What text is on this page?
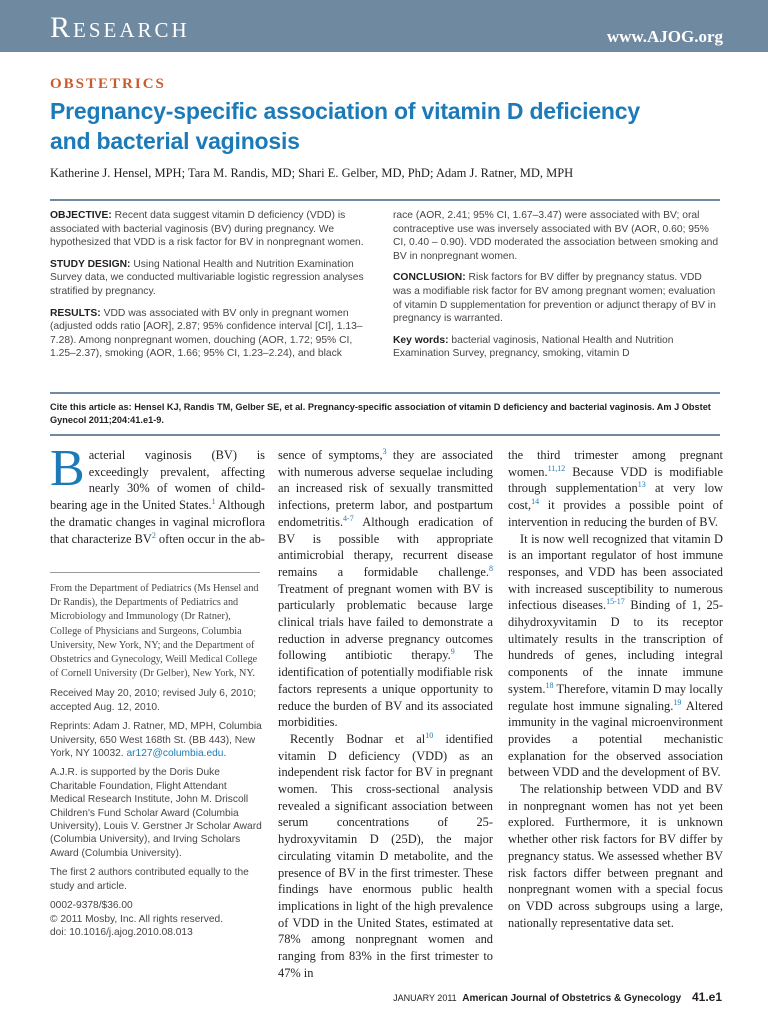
Research	www.AJOG.org
OBSTETRICS
Pregnancy-specific association of vitamin D deficiency and bacterial vaginosis
Katherine J. Hensel, MPH; Tara M. Randis, MD; Shari E. Gelber, MD, PhD; Adam J. Ratner, MD, MPH

OBJECTIVE: Recent data suggest vitamin D deficiency (VDD) is associated with bacterial vaginosis (BV) during pregnancy. We hypothesized that VDD is a risk factor for BV in nonpregnant women.

STUDY DESIGN: Using National Health and Nutrition Examination Survey data, we conducted multivariable logistic regression analyses stratified by pregnancy.

RESULTS: VDD was associated with BV only in pregnant women (adjusted odds ratio [AOR], 2.87; 95% confidence interval [CI], 1.13–7.28). Among nonpregnant women, douching (AOR, 1.72; 95% CI, 1.25–2.37), smoking (AOR, 1.66; 95% CI, 1.23–2.24), and black

race (AOR, 2.41; 95% CI, 1.67–3.47) were associated with BV; oral contraceptive use was inversely associated with BV (AOR, 0.60; 95% CI, 0.40 – 0.90). VDD moderated the association between smoking and BV in nonpregnant women.

CONCLUSION: Risk factors for BV differ by pregnancy status. VDD was a modifiable risk factor for BV among pregnant women; evaluation of vitamin D supplementation for prevention or adjunct therapy of BV in pregnancy is warranted.

Key words: bacterial vaginosis, National Health and Nutrition Examination Survey, pregnancy, smoking, vitamin D

Cite this article as: Hensel KJ, Randis TM, Gelber SE, et al. Pregnancy-specific association of vitamin D deficiency and bacterial vaginosis. Am J Obstet Gynecol 2011;204:41.e1-9.

Bacterial vaginosis (BV) is exceedingly prevalent, affecting nearly 30% of women of child-bearing age in the United States.$^1$ Although the dramatic changes in vaginal microflora that characterize $BV^2$ often occur in the ab-

From the Department of Pediatrics (Ms Hensel and Dr Randis), the Departments of Pediatrics and Microbiology and Immunology (Dr Ratner), College of Physicians and Surgeons, Columbia University, New York, NY; and the Department of Obstetrics and Gynecology, Weill Medical College of Cornell University (Dr Gelber), New York, NY.

Received May 20, 2010; revised July 6, 2010; accepted Aug. 12, 2010.

Reprints: Adam J. Ratner, MD, MPH, Columbia University, 650 West 168th St. (BB 443), New York, NY 10032. ar127@columbia.edu.

A.J.R. is supported by the Doris Duke Charitable Foundation, Flight Attendant Medical Research Institute, John M. Driscoll Children's Fund Scholar Award (Columbia University), Louis V. Gerstner Jr Scholar Award (Columbia University), and Irving Scholars Award (Columbia University).

The first 2 authors contributed equally to the study and article.

0002-9378/$36.00

© 2011 Mosby, Inc. All rights reserved.

doi: 10.1016/j.ajog.2010.08.013

sence of symptoms,$^3$ they are associated with numerous adverse sequelae including an increased risk of sexually transmitted infections, preterm labor, and postpartum endometritis.$^{4-7}$ Although eradication of BV is possible with appropriate antimicrobial therapy, recurrent disease remains a formidable challenge.$^8$ Treatment of pregnant women with BV is particularly problematic because large clinical trials have failed to demonstrate a reduction in adverse pregnancy outcomes following antibiotic therapy.$^9$ The identification of potentially modifiable risk factors represents a unique opportunity to reduce the burden of BV and its associated morbidities.

Recently Bodnar et $al^{10}$ identified vitamin D deficiency (VDD) as an independent risk factor for BV in pregnant women. This cross-sectional analysis revealed a significant association between serum concentrations of 25-hydroxyvitamin D (25D), the major circulating vitamin D metabolite, and the presence of BV in the first trimester. These findings have enormous public health implications in light of the high prevalence of VDD in the United States, estimated at 78% among nonpregnant women and ranging from 83% in the first trimester to 47% in

the third trimester among pregnant women.$^{11,12}$ Because VDD is modifiable through supplementation$^{13}$ at very low cost,$^{14}$ it provides a possible point of intervention in reducing the burden of BV.

It is now well recognized that vitamin D is an important regulator of host immune responses, and VDD has been associated with increased susceptibility to numerous infectious diseases.$^{15-17}$ Binding of 1, 25-dihydroxyvitamin D to its receptor ultimately results in the transcription of hundreds of genes, including integral components of the innate immune system.$^{18}$ Therefore, vitamin D may locally regulate host immune signaling.$^{19}$ Altered immunity in the vaginal microenvironment provides a potential mechanistic explanation for the observed association between VDD and the development of BV.

The relationship between VDD and BV in nonpregnant women has not yet been explored. Furthermore, it is unknown whether other risk factors for BV differ by pregnancy status. We assessed whether BV risk factors differ between pregnant and nonpregnant women with a special focus on VDD across subgroups using a large, nationally representative data set.

JANUARY 2011 American Journal of Obstetrics & Gynecology 41.e1
